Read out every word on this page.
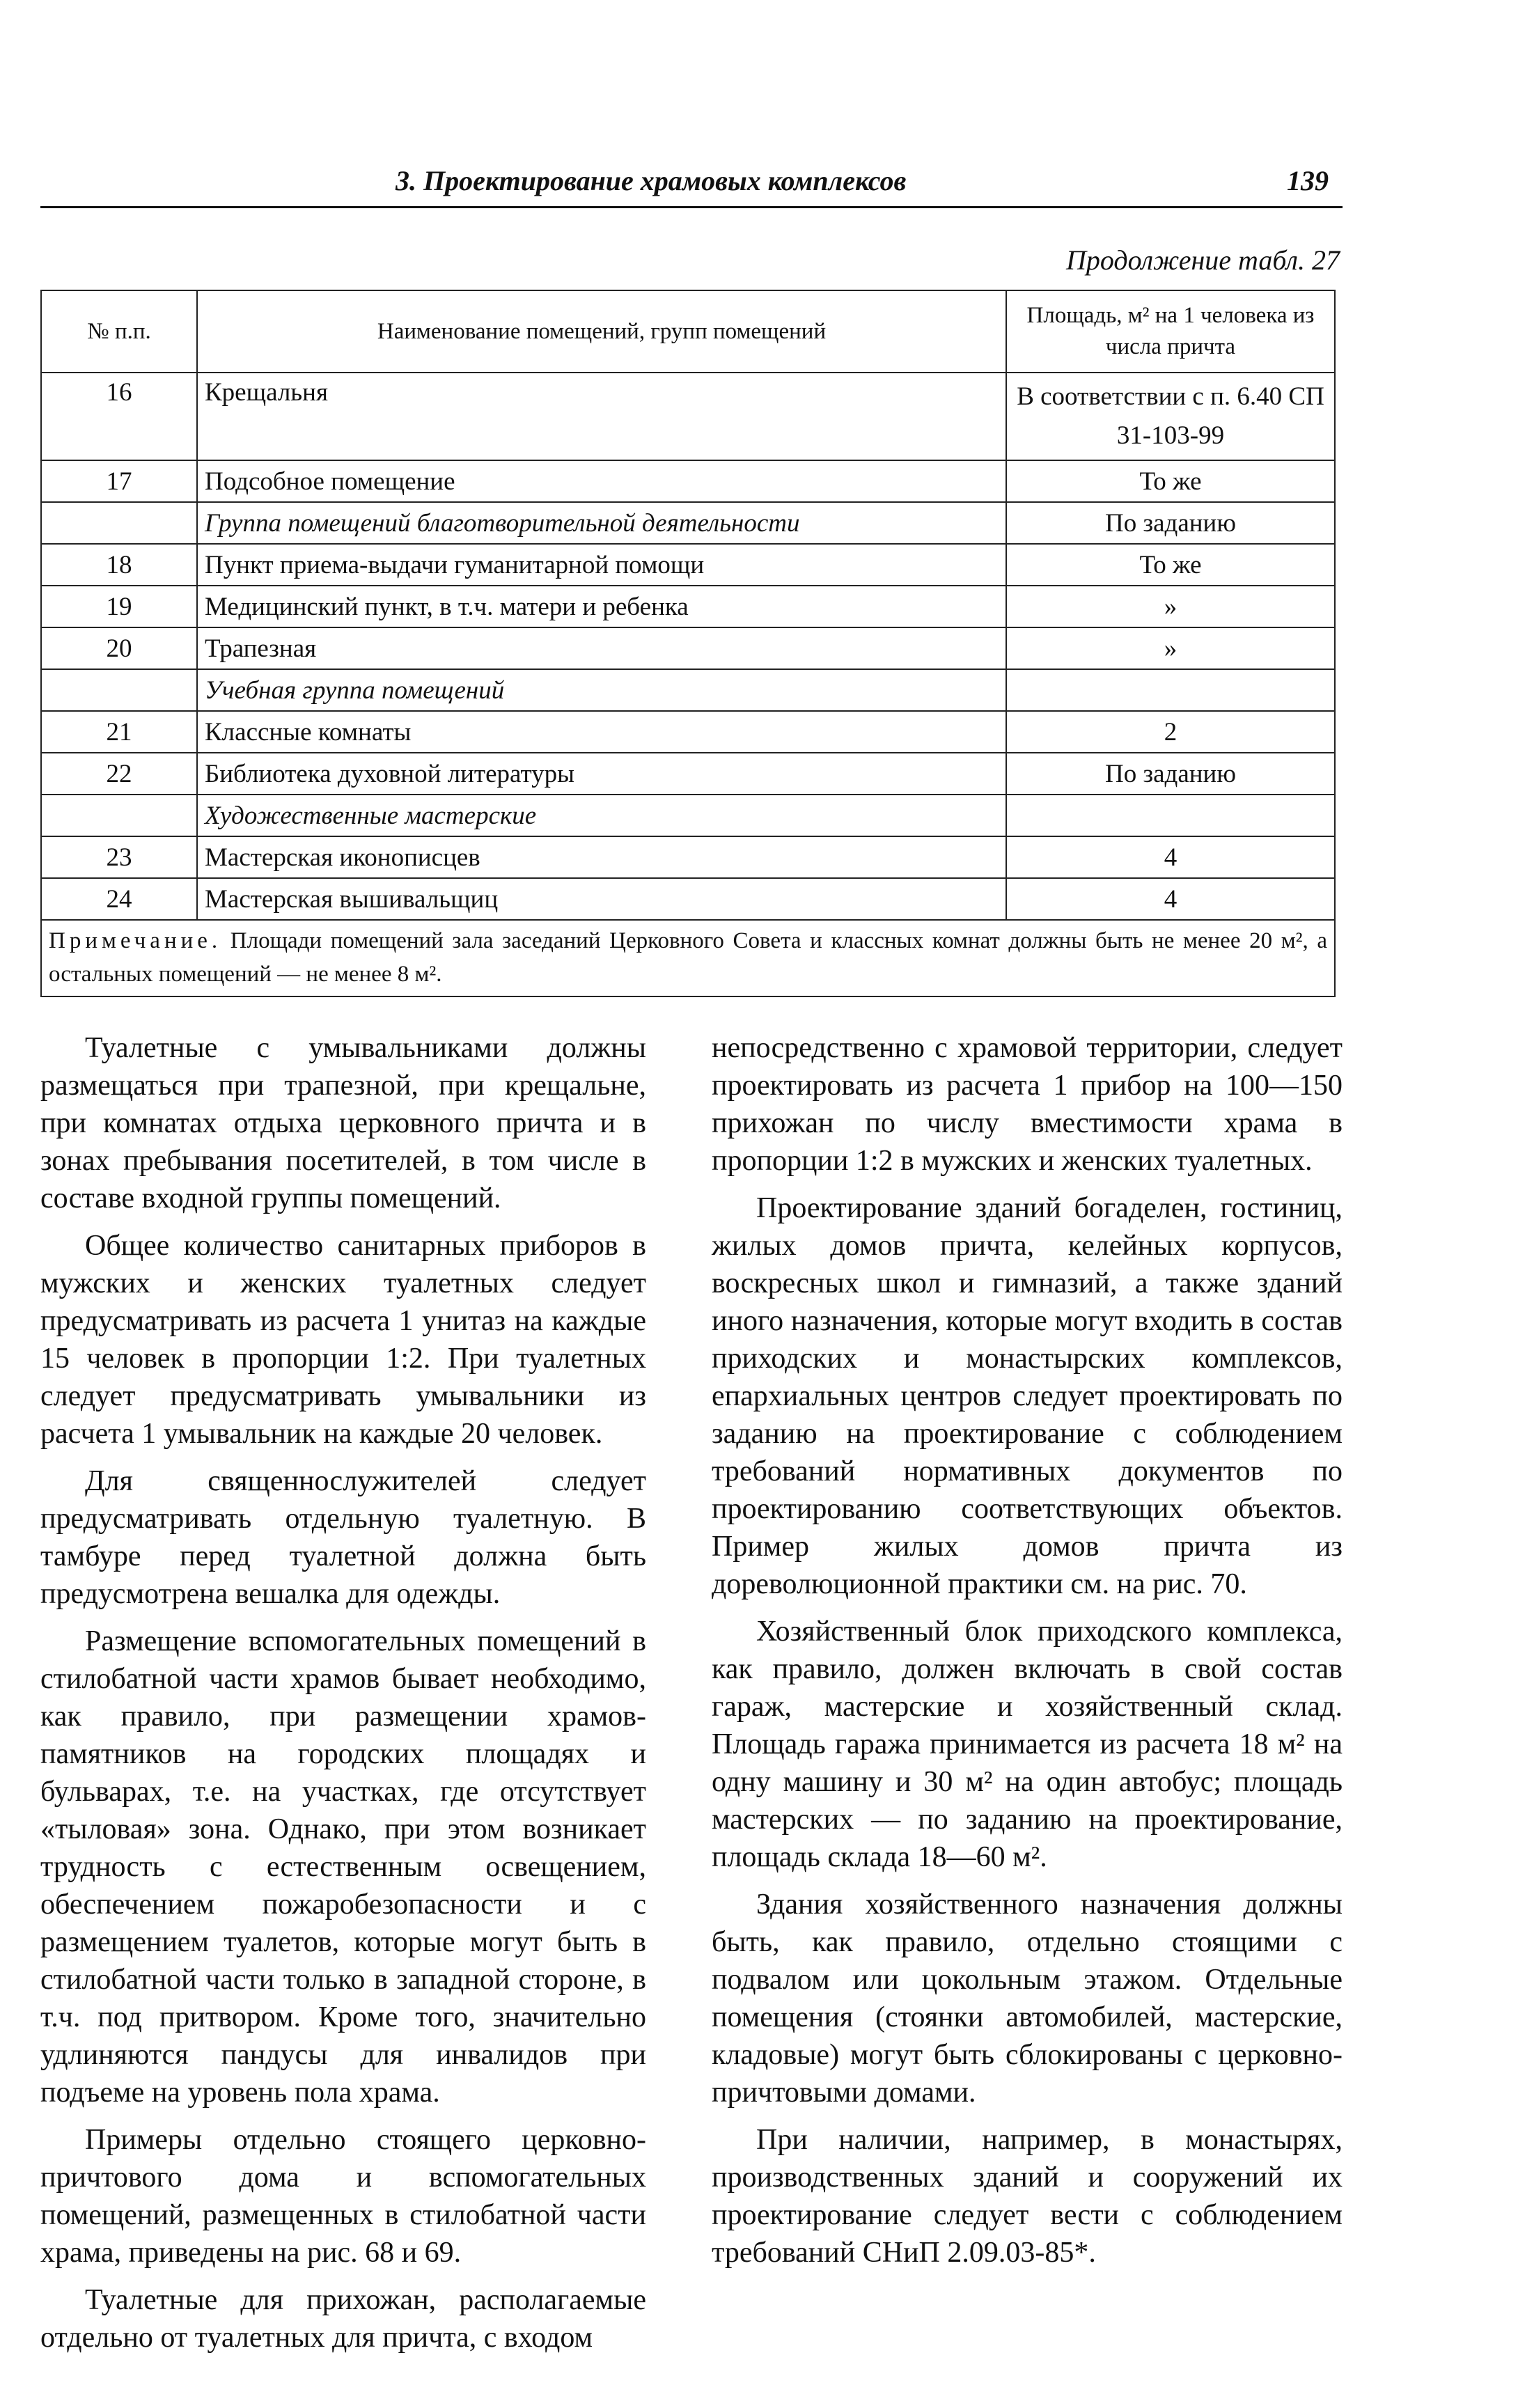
3. Проектирование храмовых комплексов	139
Продолжение табл. 27
№ п.п.	Наименование помещений, групп помещений	Площадь, м² на 1 человека из числа причта
16	Крещальня	В соответствии с п. 6.40 СП 31-103-99
17	Подсобное помещение	То же
	Группа помещений благотворительной деятельности	По заданию
18	Пункт приема-выдачи гуманитарной помощи	То же
19	Медицинский пункт, в т.ч. матери и ребенка	»
20	Трапезная	»
	Учебная группа помещений	
21	Классные комнаты	2
22	Библиотека духовной литературы	По заданию
	Художественные мастерские	
23	Мастерская иконописцев	4
24	Мастерская вышивальщиц	4
Примечание. Площади помещений зала заседаний Церковного Совета и классных комнат должны быть не менее 20 м², а остальных помещений — не менее 8 м².		

Туалетные с умывальниками должны размещаться при трапезной, при крещальне, при комнатах отдыха церковного причта и в зонах пребывания посетителей, в том числе в составе входной группы помещений.

Общее количество санитарных приборов в мужских и женских туалетных следует предусматривать из расчета 1 унитаз на каждые 15 человек в пропорции 1:2. При туалетных следует предусматривать умывальники из расчета 1 умывальник на каждые 20 человек.

Для священнослужителей следует предусматривать отдельную туалетную. В тамбуре перед туалетной должна быть предусмотрена вешалка для одежды.

Размещение вспомогательных помещений в стилобатной части храмов бывает необходимо, как правило, при размещении храмов-памятников на городских площадях и бульварах, т.е. на участках, где отсутствует «тыловая» зона. Однако, при этом возникает трудность с естественным освещением, обеспечением пожаробезопасности и с размещением туалетов, которые могут быть в стилобатной части только в западной стороне, в т.ч. под притвором. Кроме того, значительно удлиняются пандусы для инвалидов при подъеме на уровень пола храма.

Примеры отдельно стоящего церковно-причтового дома и вспомогательных помещений, размещенных в стилобатной части храма, приведены на рис. 68 и 69.

Туалетные для прихожан, располагаемые отдельно от туалетных для причта, с входом

непосредственно с храмовой территории, следует проектировать из расчета 1 прибор на 100—150 прихожан по числу вместимости храма в пропорции 1:2 в мужских и женских туалетных.

Проектирование зданий богаделен, гостиниц, жилых домов причта, келейных корпусов, воскресных школ и гимназий, а также зданий иного назначения, которые могут входить в состав приходских и монастырских комплексов, епархиальных центров следует проектировать по заданию на проектирование с соблюдением требований нормативных документов по проектированию соответствующих объектов. Пример жилых домов причта из дореволюционной практики см. на рис. 70.

Хозяйственный блок приходского комплекса, как правило, должен включать в свой состав гараж, мастерские и хозяйственный склад. Площадь гаража принимается из расчета 18 м² на одну машину и 30 м² на один автобус; площадь мастерских — по заданию на проектирование, площадь склада 18—60 м².

Здания хозяйственного назначения должны быть, как правило, отдельно стоящими с подвалом или цокольным этажом. Отдельные помещения (стоянки автомобилей, мастерские, кладовые) могут быть сблокированы с церковно-причтовыми домами.

При наличии, например, в монастырях, производственных зданий и сооружений их проектирование следует вести с соблюдением требований СНиП 2.09.03-85*.
